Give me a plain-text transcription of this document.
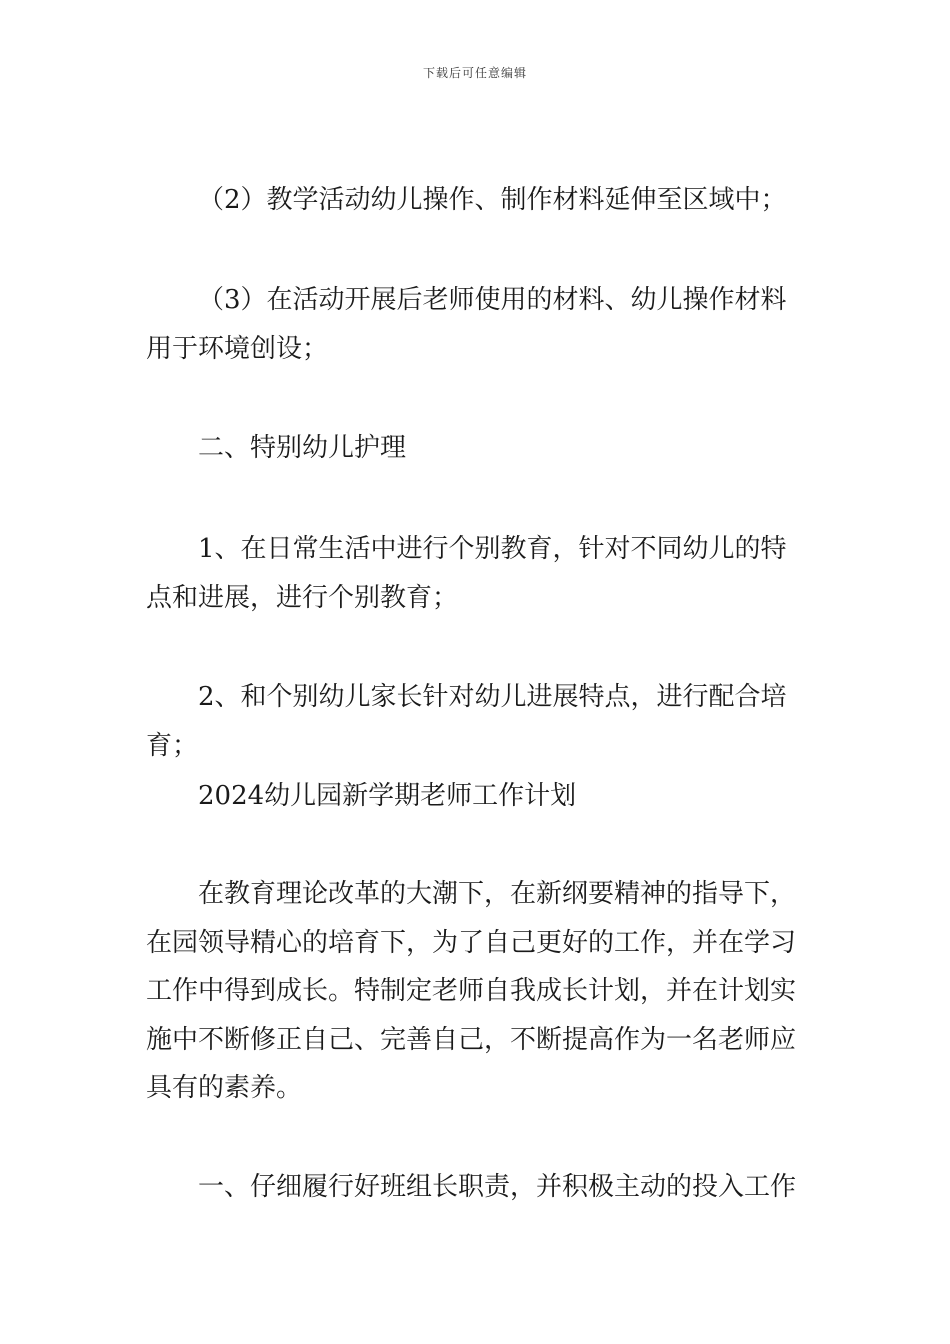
下载后可任意编辑

（2）教学活动幼儿操作、制作材料延伸至区域中；

（3）在活动开展后老师使用的材料、幼儿操作材料用于环境创设；

二、特别幼儿护理

1、在日常生活中进行个别教育，针对不同幼儿的特点和进展，进行个别教育；

2、和个别幼儿家长针对幼儿进展特点，进行配合培育；

2024幼儿园新学期老师工作计划

在教育理论改革的大潮下，在新纲要精神的指导下，在园领导精心的培育下，为了自己更好的工作，并在学习工作中得到成长。特制定老师自我成长计划，并在计划实施中不断修正自己、完善自己，不断提高作为一名老师应具有的素养。

一、仔细履行好班组长职责，并积极主动的投入工作
